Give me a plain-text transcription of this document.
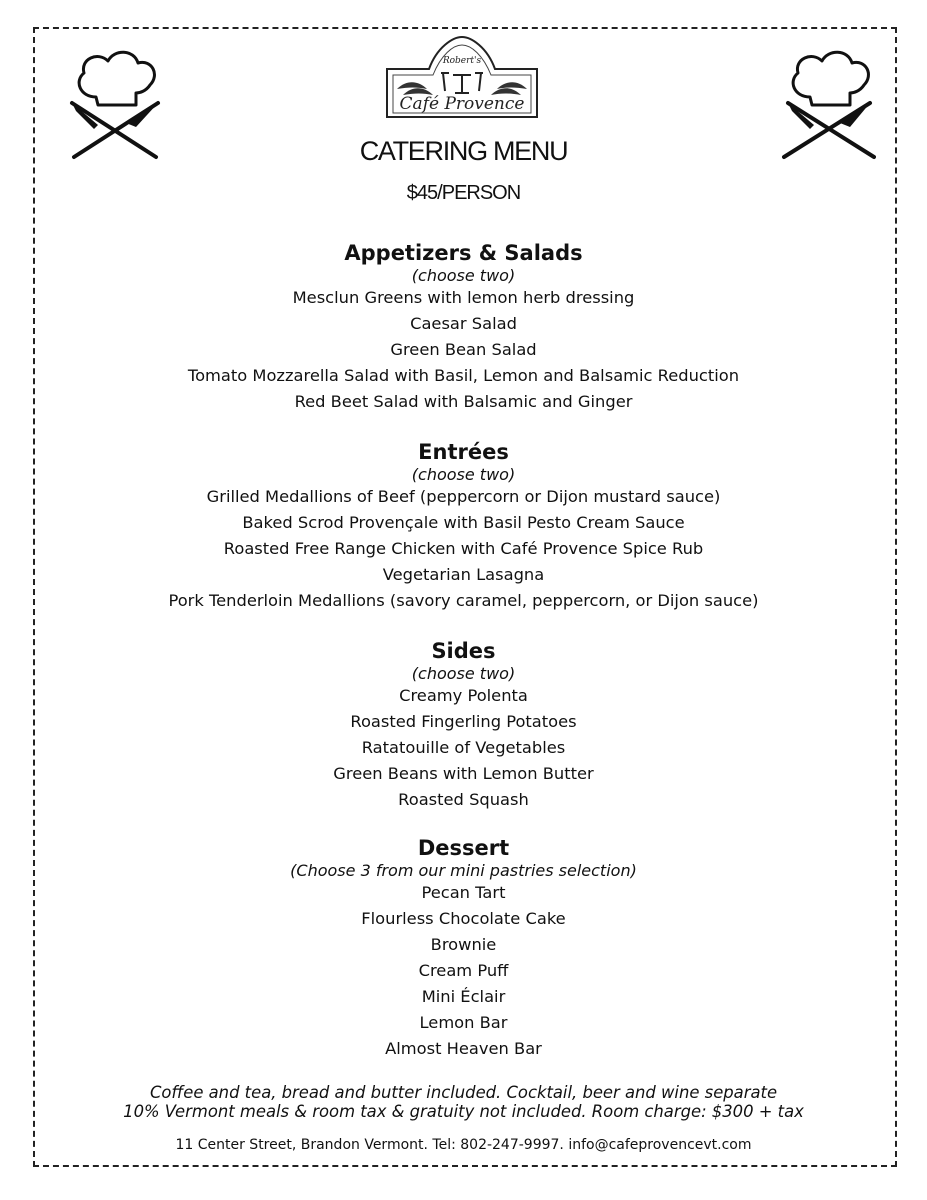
Robert's
Café Provence
CATERING MENU
$45/PERSON

Appetizers & Salads

(choose two)

Mesclun Greens with lemon herb dressing

Caesar Salad

Green Bean Salad

Tomato Mozzarella Salad with Basil, Lemon and Balsamic Reduction

Red Beet Salad with Balsamic and Ginger

Entrées

(choose two)

Grilled Medallions of Beef (peppercorn or Dijon mustard sauce)

Baked Scrod Provençale with Basil Pesto Cream Sauce

Roasted Free Range Chicken with Café Provence Spice Rub

Vegetarian Lasagna

Pork Tenderloin Medallions (savory caramel, peppercorn, or Dijon sauce)

Sides

(choose two)

Creamy Polenta

Roasted Fingerling Potatoes

Ratatouille of Vegetables

Green Beans with Lemon Butter

Roasted Squash

Dessert

(Choose 3 from our mini pastries selection)

Pecan Tart

Flourless Chocolate Cake

Brownie

Cream Puff

Mini Éclair

Lemon Bar

Almost Heaven Bar

Coffee and tea, bread and butter included. Cocktail, beer and wine separate
10% Vermont meals & room tax & gratuity not included. Room charge: $300 + tax
11 Center Street, Brandon Vermont. Tel: 802-247-9997. info@cafeprovencevt.com
